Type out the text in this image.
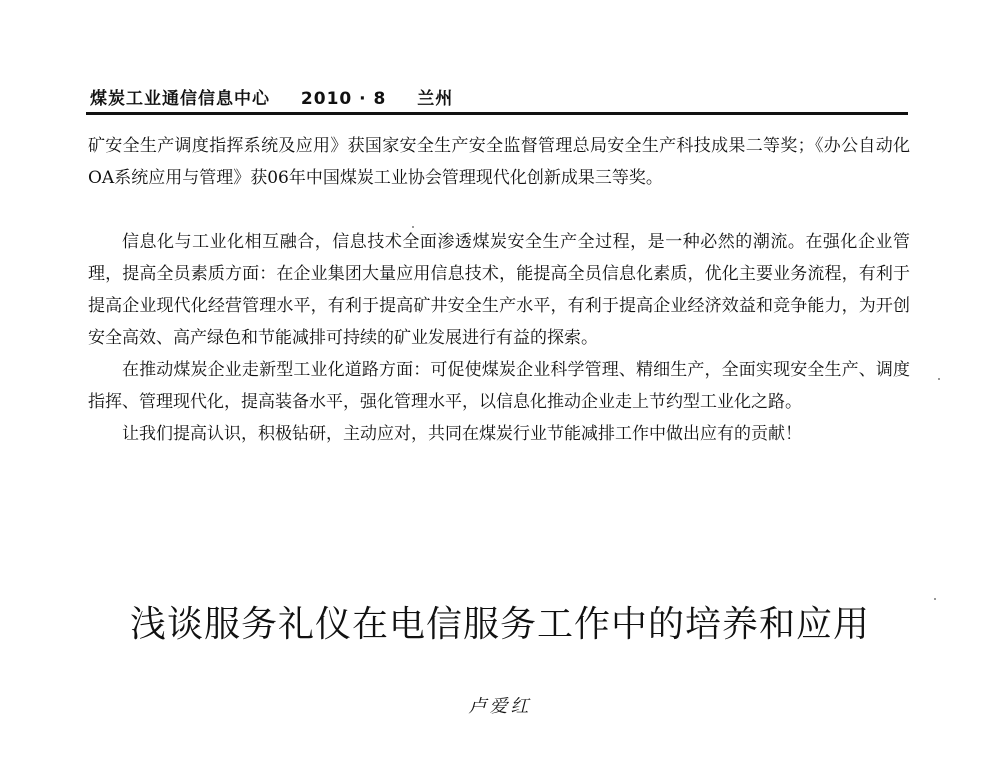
煤炭工业通信信息中心 2010 · 8 兰州

矿安全生产调度指挥系统及应用》获国家安全生产安全监督管理总局安全生产科技成果二等奖；《办公自动化OA系统应用与管理》获06年中国煤炭工业协会管理现代化创新成果三等奖。

信息化与工业化相互融合，信息技术全面渗透煤炭安全生产全过程，是一种必然的潮流。在强化企业管理，提高全员素质方面：在企业集团大量应用信息技术，能提高全员信息化素质，优化主要业务流程，有利于提高企业现代化经营管理水平，有利于提高矿井安全生产水平，有利于提高企业经济效益和竞争能力，为开创安全高效、高产绿色和节能减排可持续的矿业发展进行有益的探索。

在推动煤炭企业走新型工业化道路方面：可促使煤炭企业科学管理、精细生产，全面实现安全生产、调度指挥、管理现代化，提高装备水平，强化管理水平，以信息化推动企业走上节约型工业化之路。

让我们提高认识，积极钻研，主动应对，共同在煤炭行业节能减排工作中做出应有的贡献！

浅谈服务礼仪在电信服务工作中的培养和应用
卢爱红
